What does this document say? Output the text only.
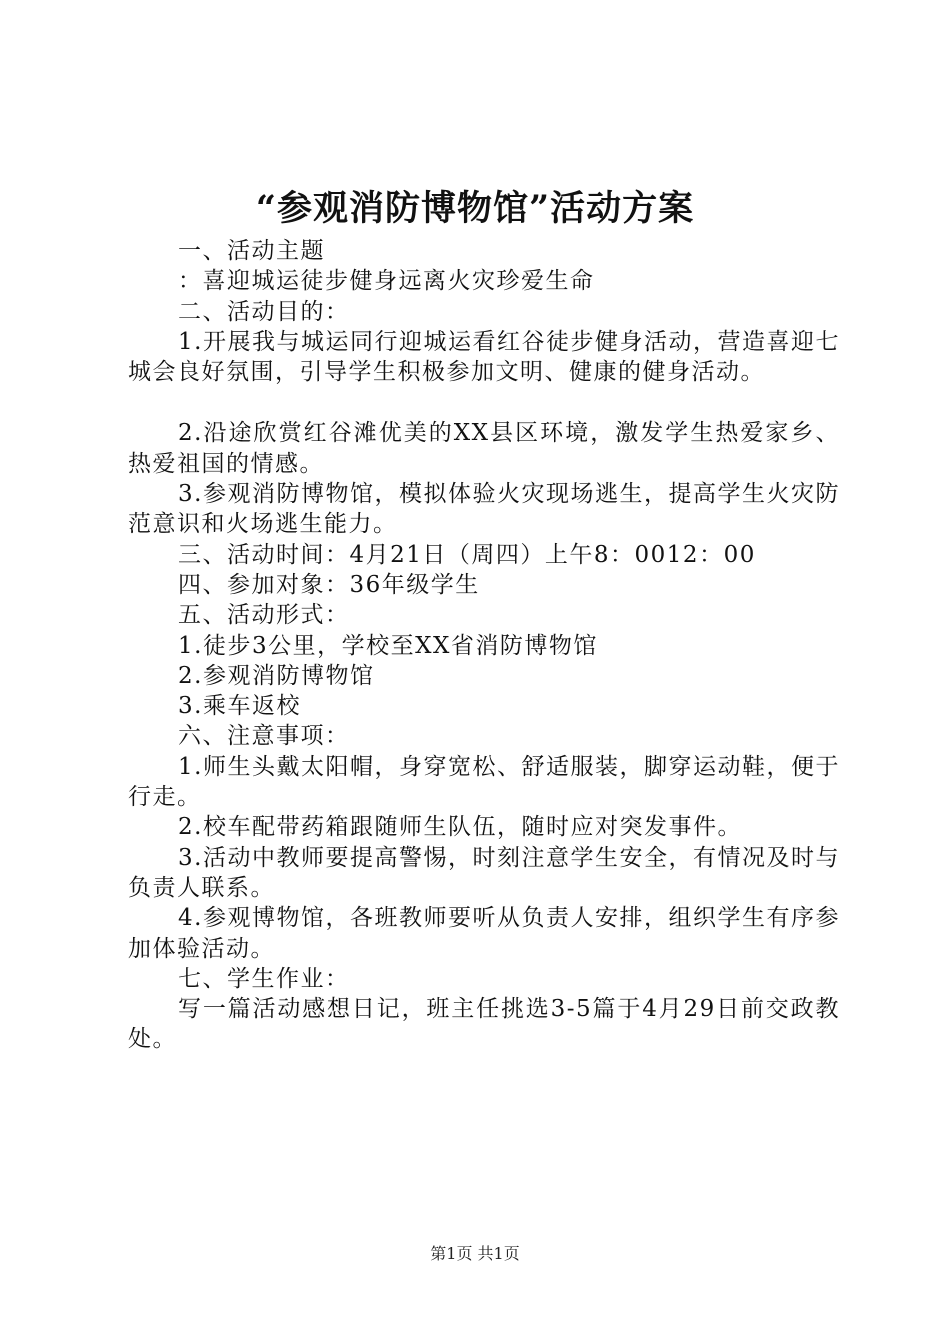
“参观消防博物馆”活动方案

一、活动主题

：喜迎城运徒步健身远离火灾珍爱生命

二、活动目的：

1.开展我与城运同行迎城运看红谷徒步健身活动，营造喜迎七城会良好氛围，引导学生积极参加文明、健康的健身活动。

2.沿途欣赏红谷滩优美的XX县区环境，激发学生热爱家乡、热爱祖国的情感。

3.参观消防博物馆，模拟体验火灾现场逃生，提高学生火灾防范意识和火场逃生能力。

三、活动时间：4月21日（周四）上午8：0012：00

四、参加对象：36年级学生

五、活动形式：

1.徒步3公里，学校至XX省消防博物馆

2.参观消防博物馆

3.乘车返校

六、注意事项：

1.师生头戴太阳帽，身穿宽松、舒适服装，脚穿运动鞋，便于行走。

2.校车配带药箱跟随师生队伍，随时应对突发事件。

3.活动中教师要提高警惕，时刻注意学生安全，有情况及时与负责人联系。

4.参观博物馆，各班教师要听从负责人安排，组织学生有序参加体验活动。

七、学生作业：

写一篇活动感想日记，班主任挑选3-5篇于4月29日前交政教处。

第1页 共1页
